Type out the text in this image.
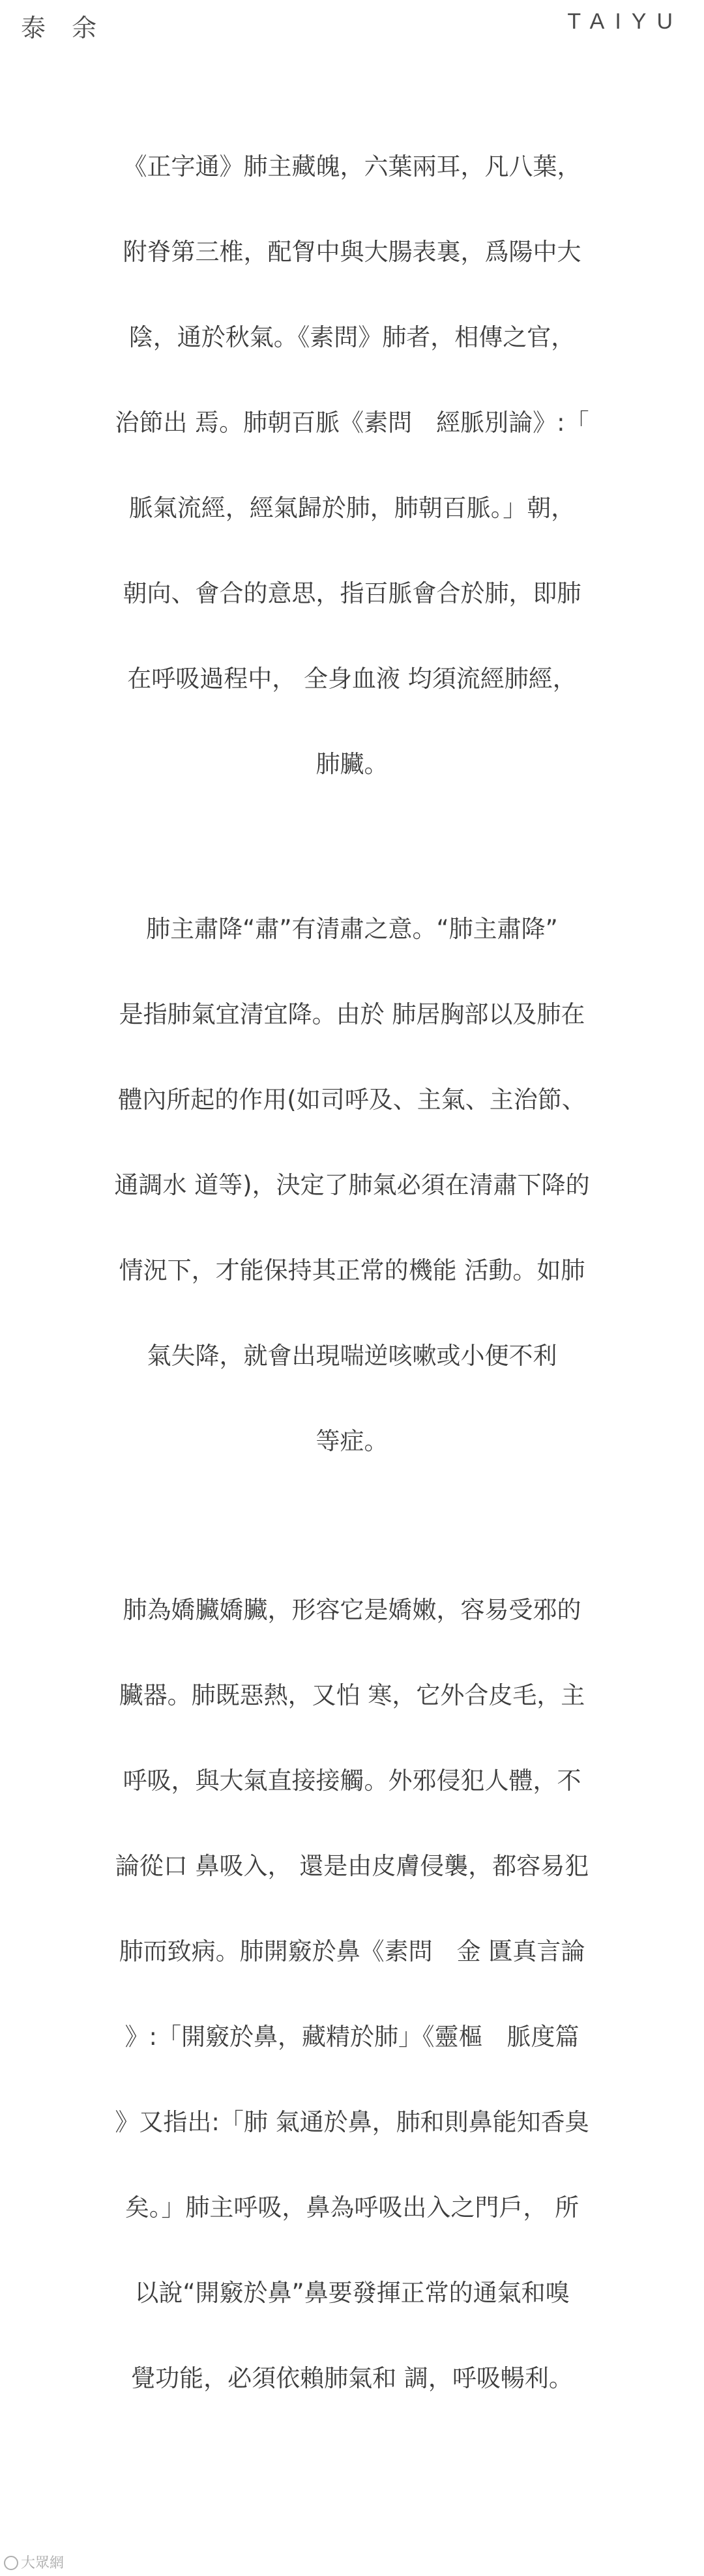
泰 余	TAIYU
《正字通》肺主藏魄，六葉兩耳，凡八葉，
附脊第三椎，配胷中與大腸表裏，爲陽中大
陰，通於秋氣。《素問》肺者，相傳之官，
治節出 焉。肺朝百脈《素問　經脈別論》:「
脈氣流經，經氣歸於肺，肺朝百脈。」朝，
朝向、會合的意思，指百脈會合於肺，即肺
在呼吸過程中， 全身血液 均須流經肺經，
肺臟。
肺主肅降“肅”有清肅之意。“肺主肅降”
是指肺氣宜清宜降。由於 肺居胸部以及肺在
體內所起的作用(如司呼及、主氣、主治節、
通調水 道等)，決定了肺氣必須在清肅下降的
情況下，才能保持其正常的機能 活動。如肺
氣失降，就會出現喘逆咳嗽或小便不利
等症。
肺為嬌臟嬌臟，形容它是嬌嫩，容易受邪的
臟器。肺既惡熱，又怕 寒，它外合皮毛，主
呼吸，與大氣直接接觸。外邪侵犯人體，不
論從口 鼻吸入， 還是由皮膚侵襲，都容易犯
肺而致病。肺開竅於鼻《素問　金 匱真言論
》:「開竅於鼻，藏精於肺」《靈樞　脈度篇
》又指出:「肺 氣通於鼻，肺和則鼻能知香臭
矣。」肺主呼吸，鼻為呼吸出入之門戶， 所
以說“開竅於鼻”鼻要發揮正常的通氣和嗅
覺功能，必須依賴肺氣和 調，呼吸暢利。
大眾網
